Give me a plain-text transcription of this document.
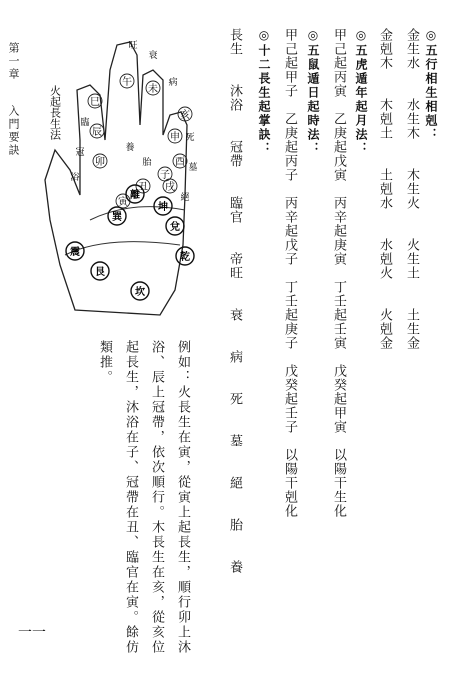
第一章
入門要訣
子
丑
寅
卯
辰
巳
午
未
申
酉
戌
亥
離
坤
兌
乾
坎
艮
震
巽
旺
衰
病
死
墓
絕
胎
養
臨
冠
浴
火起長生法	◎五行相生相剋：
金生水　　水生木　　木生火　　火生土　　土生金
金剋木　　木剋土　　土剋水　　水剋火　　火剋金
◎五虎遁年起月法：
甲己起丙寅　乙庚起戊寅　丙辛起庚寅　丁壬起壬寅　戊癸起甲寅　以陽干生化
◎五鼠遁日起時法：
甲己起甲子　乙庚起丙子　丙辛起戊子　丁壬起庚子　戊癸起壬子　以陽干剋化
◎十二長生起掌訣：
長生　　沐浴　　冠帶　　臨官　　帝旺　　衰　　病　　死　　墓　　絕　　胎　　養
例如：火長生在寅，從寅上起長生，順行卯上沐
浴、辰上冠帶，依次順行。木長生在亥，從亥位
起長生，沐浴在子、冠帶在丑、臨官在寅。餘仿
類推。
一一
